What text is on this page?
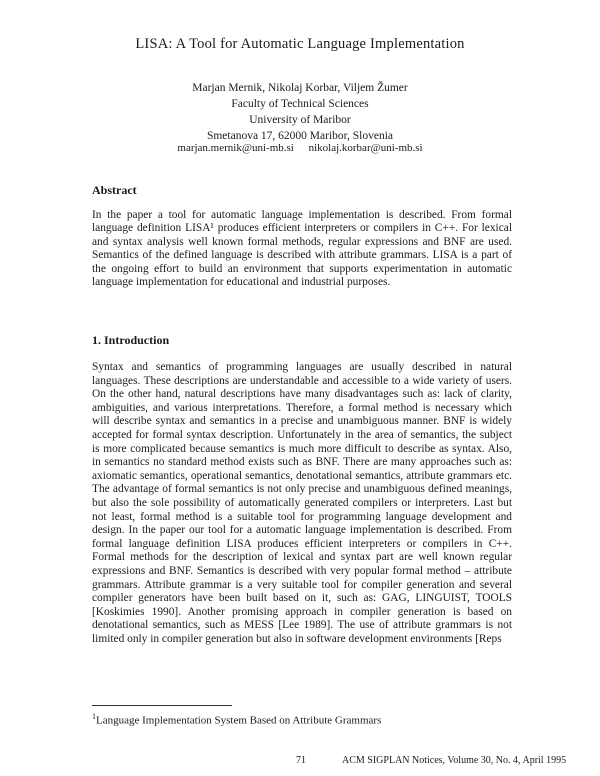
LISA: A Tool for Automatic Language Implementation
Marjan Mernik, Nikolaj Korbar, Viljem Žumer
Faculty of Technical Sciences
University of Maribor
Smetanova 17, 62000 Maribor, Slovenia
marjan.mernik@uni-mb.si nikolaj.korbar@uni-mb.si
Abstract
In the paper a tool for automatic language implementation is described. From formal language definition LISA¹ produces efficient interpreters or compilers in C++. For lexical and syntax analysis well known formal methods, regular expressions and BNF are used. Semantics of the defined language is described with attribute grammars. LISA is a part of the ongoing effort to build an environment that supports experimentation in automatic language implementation for educational and industrial purposes.
1. Introduction
Syntax and semantics of programming languages are usually described in natural languages. These descriptions are understandable and accessible to a wide variety of users. On the other hand, natural descriptions have many disadvantages such as: lack of clarity, ambiguities, and various interpretations. Therefore, a formal method is necessary which will describe syntax and semantics in a precise and unambiguous manner. BNF is widely accepted for formal syntax description. Unfortunately in the area of semantics, the subject is more complicated because semantics is much more difficult to describe as syntax. Also, in semantics no standard method exists such as BNF. There are many approaches such as: axiomatic semantics, operational semantics, denotational semantics, attribute grammars etc. The advantage of formal semantics is not only precise and unambiguous defined meanings, but also the sole possibility of automatically generated compilers or interpreters. Last but not least, formal method is a suitable tool for programming language development and design. In the paper our tool for a automatic language implementation is described. From formal language definition LISA produces efficient interpreters or compilers in C++. Formal methods for the description of lexical and syntax part are well known regular expressions and BNF. Semantics is described with very popular formal method – attribute grammars. Attribute grammar is a very suitable tool for compiler generation and several compiler generators have been built based on it, such as: GAG, LINGUIST, TOOLS [Koskimies 1990]. Another promising approach in compiler generation is based on denotational semantics, such as MESS [Lee 1989]. The use of attribute grammars is not limited only in compiler generation but also in software development environments [Reps
$^1$Language Implementation System Based on Attribute Grammars
71	ACM SIGPLAN Notices, Volume 30, No. 4, April 1995
